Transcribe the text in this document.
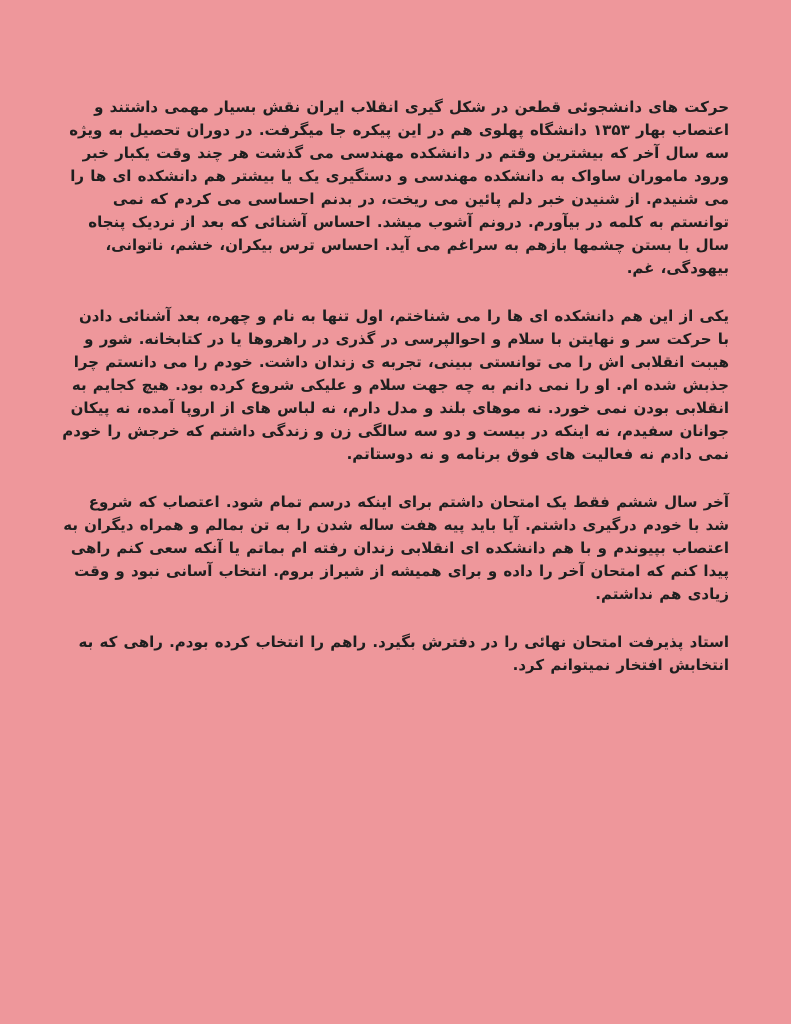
حرکت های دانشجوئی قطعن در شکل گیری انقلاب ایران نقش بسیار مهمی داشتند و اعتصاب بهار ۱۳۵۳ دانشگاه پهلوی هم در این پیکره جا میگرفت. در دوران تحصیل به ویژه سه سال آخر که بیشترین وقتم در دانشکده مهندسی می گذشت هر چند وقت یکبار خبر ورود ماموران ساواک به دانشکده مهندسی و دستگیری یک یا بیشتر هم دانشکده ای ها را می شنیدم. از شنیدن خبر دلم پائین می ریخت، در بدنم احساسی می کردم که نمی توانستم به کلمه در بیآورم. درونم آشوب میشد. احساس آشنائی که بعد از نردیک پنجاه سال با بستن چشمها بازهم به سراغم می آید. احساس ترس بیکران، خشم، ناتوانی، بیهودگی، غم.

یکی از این هم دانشکده ای ها را می شناختم، اول تنها به نام و چهره، بعد آشنائی دادن با حرکت سر و نهایتن با سلام و احوالپرسی در گذری در راهروها یا در کتابخانه. شور و هیبت انقلابی اش را می توانستی ببینی، تجربه ی زندان داشت. خودم را می دانستم چرا جذبش شده ام. او را نمی دانم به چه جهت سلام و علیکی شروع کرده بود. هیچ کجایم به انقلابی بودن نمی خورد. نه موهای بلند و مدل دارم، نه لباس های از اروپا آمده، نه پیکان جوانان سفیدم، نه اینکه در بیست و دو سه سالگی زن و زندگی داشتم که خرجش را خودم نمی دادم نه فعالیت های فوق برنامه و نه دوستاتم.

آخر سال ششم فقط یک امتحان داشتم برای اینکه درسم تمام شود. اعتصاب که شروع شد با خودم درگیری داشتم. آیا باید پیه هفت ساله شدن را به تن بمالم و همراه دیگران به اعتصاب بپیوندم و با هم دانشکده ای انقلابی زندان رفته ام بماتم یا آنکه سعی کنم راهی پیدا کنم که امتحان آخر را داده و برای همیشه از شیراز بروم. انتخاب آسانی نبود و وقت زیادی هم نداشتم.

استاد پذیرفت امتحان نهائی را در دفترش بگیرد. راهم را انتخاب کرده بودم. راهی که به انتخابش افتخار نمیتوانم کرد.
